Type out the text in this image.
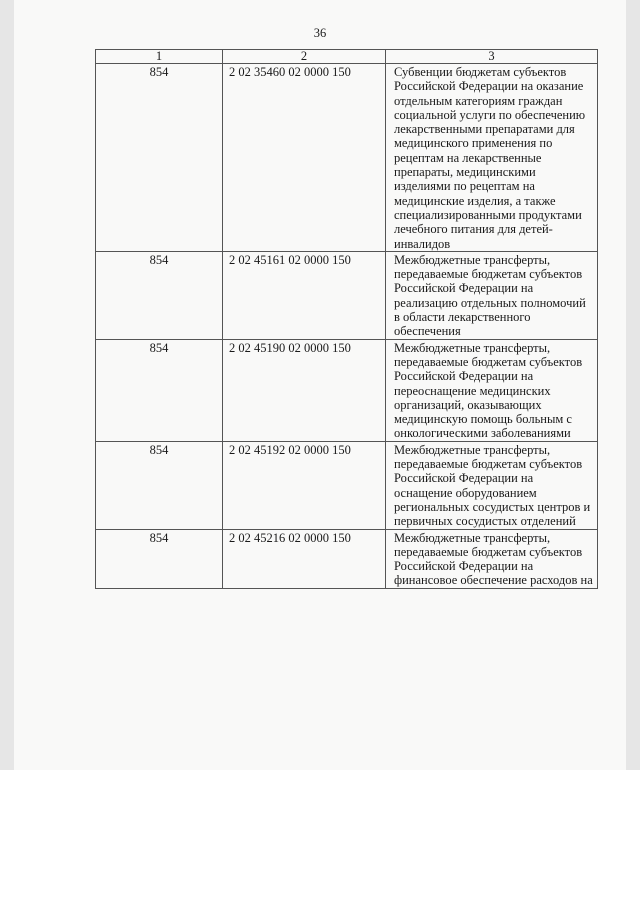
36
1	2	3
854	2 02 35460 02 0000 150	Субвенции бюджетам субъектов Российской Федерации на оказание отдельным категориям граждан социальной услуги по обеспечению лекарственными препаратами для медицинского применения по рецептам на лекарственные препараты, медицинскими изделиями по рецептам на медицинские изделия, а также специализированными продуктами лечебного питания для детей-инвалидов
854	2 02 45161 02 0000 150	Межбюджетные трансферты, передаваемые бюджетам субъектов Российской Федерации на реализацию отдельных полномочий в области лекарственного обеспечения
854	2 02 45190 02 0000 150	Межбюджетные трансферты, передаваемые бюджетам субъектов Российской Федерации на переоснащение медицинских организаций, оказывающих медицинскую помощь больным с онкологическими заболеваниями
854	2 02 45192 02 0000 150	Межбюджетные трансферты, передаваемые бюджетам субъектов Российской Федерации на оснащение оборудованием региональных сосудистых центров и первичных сосудистых отделений
854	2 02 45216 02 0000 150	Межбюджетные трансферты, передаваемые бюджетам субъектов Российской Федерации на финансовое обеспечение расходов на
